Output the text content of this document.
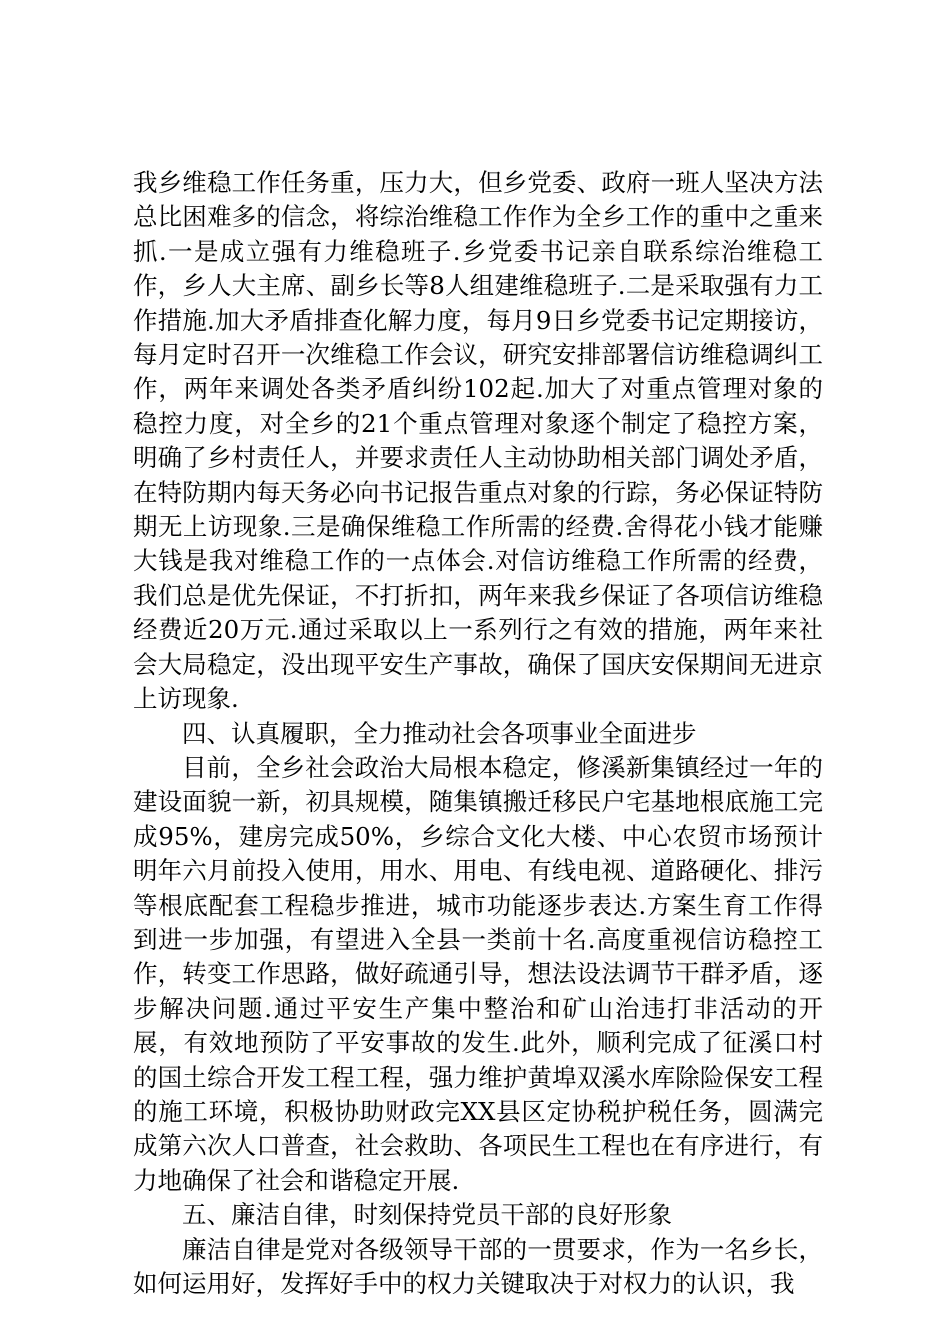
我乡维稳工作任务重，压力大，但乡党委、政府一班人坚决方法总比困难多的信念，将综治维稳工作作为全乡工作的重中之重来抓.一是成立强有力维稳班子.乡党委书记亲自联系综治维稳工作，乡人大主席、副乡长等8人组建维稳班子.二是采取强有力工作措施.加大矛盾排查化解力度，每月9日乡党委书记定期接访，每月定时召开一次维稳工作会议，研究安排部署信访维稳调纠工作，两年来调处各类矛盾纠纷102起.加大了对重点管理对象的稳控力度，对全乡的21个重点管理对象逐个制定了稳控方案，明确了乡村责任人，并要求责任人主动协助相关部门调处矛盾，在特防期内每天务必向书记报告重点对象的行踪，务必保证特防期无上访现象.三是确保维稳工作所需的经费.舍得花小钱才能赚大钱是我对维稳工作的一点体会.对信访维稳工作所需的经费，我们总是优先保证，不打折扣，两年来我乡保证了各项信访维稳经费近20万元.通过采取以上一系列行之有效的措施，两年来社会大局稳定，没出现平安生产事故，确保了国庆安保期间无进京上访现象.

四、认真履职，全力推动社会各项事业全面进步

目前，全乡社会政治大局根本稳定，修溪新集镇经过一年的建设面貌一新，初具规模，随集镇搬迁移民户宅基地根底施工完成95%，建房完成50%，乡综合文化大楼、中心农贸市场预计明年六月前投入使用，用水、用电、有线电视、道路硬化、排污等根底配套工程稳步推进，城市功能逐步表达.方案生育工作得到进一步加强，有望进入全县一类前十名.高度重视信访稳控工作，转变工作思路，做好疏通引导，想法设法调节干群矛盾，逐步解决问题.通过平安生产集中整治和矿山治违打非活动的开展，有效地预防了平安事故的发生.此外，顺利完成了征溪口村的国土综合开发工程工程，强力维护黄埠双溪水库除险保安工程的施工环境，积极协助财政完XX县区定协税护税任务，圆满完成第六次人口普查，社会救助、各项民生工程也在有序进行，有力地确保了社会和谐稳定开展.

五、廉洁自律，时刻保持党员干部的良好形象

廉洁自律是党对各级领导干部的一贯要求，作为一名乡长，如何运用好，发挥好手中的权力关键取决于对权力的认识，我
